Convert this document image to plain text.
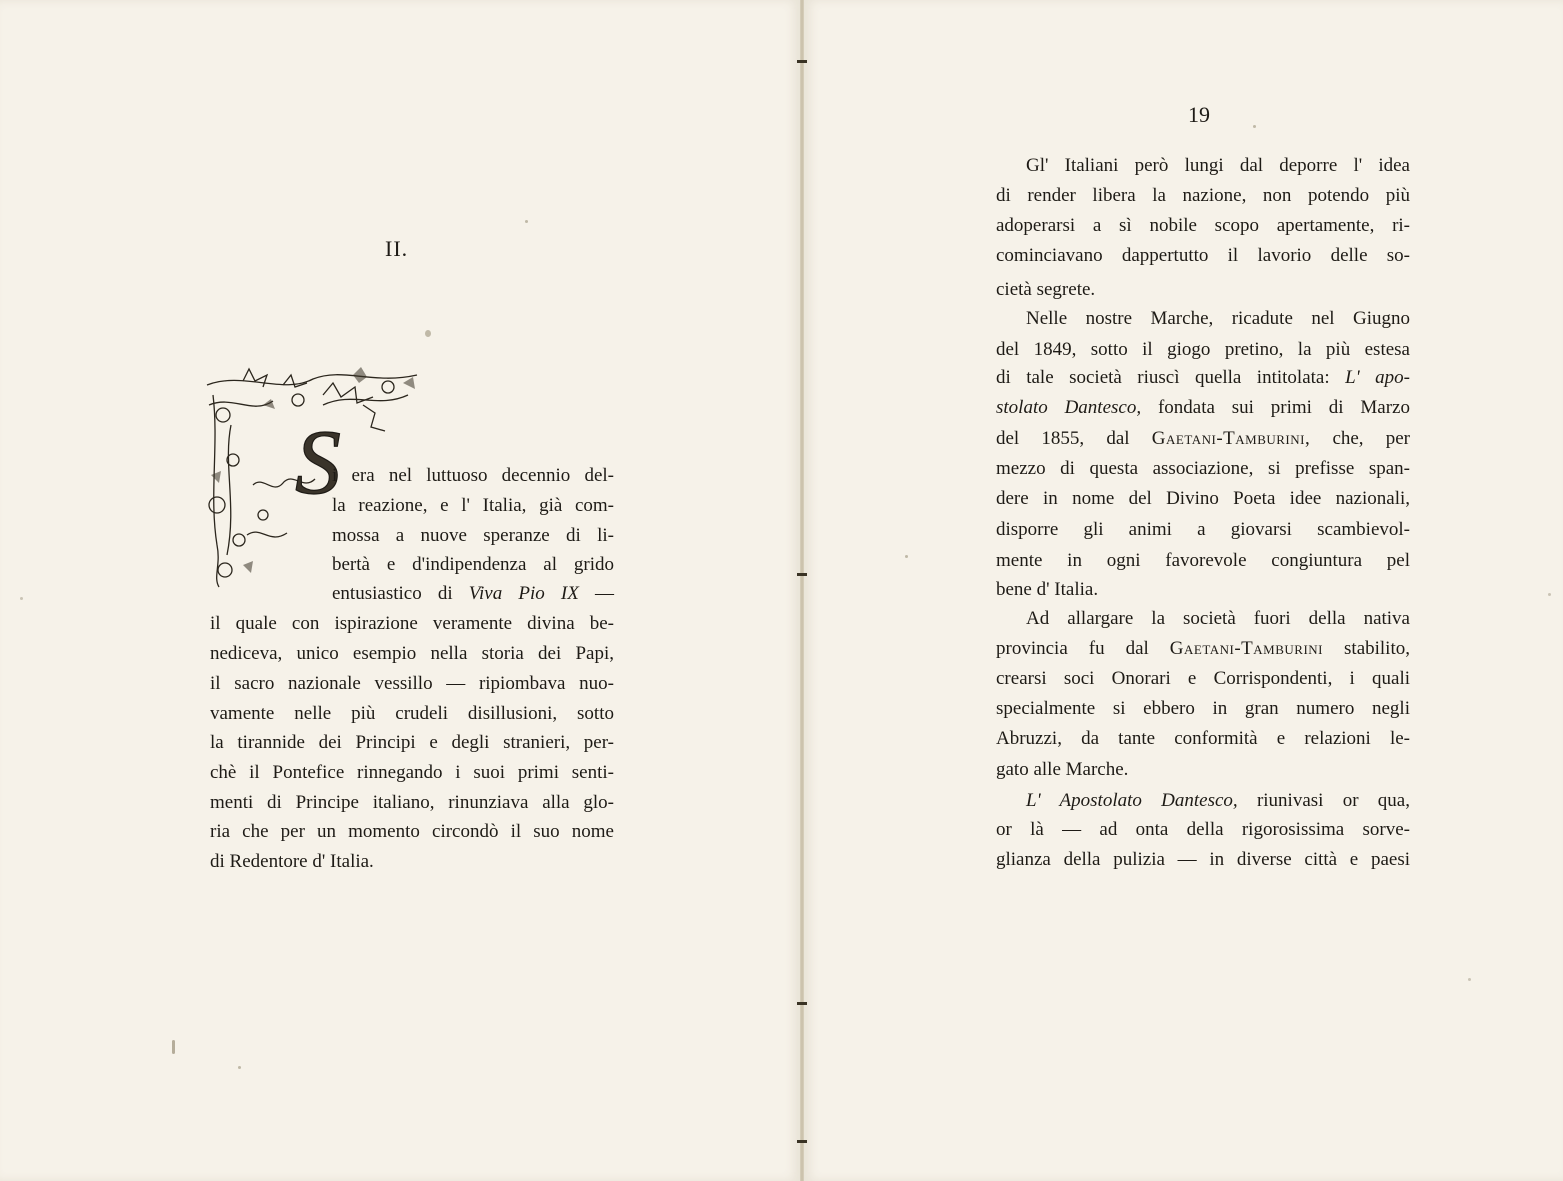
II.
S

i era nel luttuoso decennio del-

la reazione, e l' Italia, già com-

mossa a nuove speranze di li-

bertà e d'indipendenza al grido

entusiastico di Viva Pio IX —

il quale con ispirazione veramente divina be-

nediceva, unico esempio nella storia dei Papi,

il sacro nazionale vessillo — ripiombava nuo-

vamente nelle più crudeli disillusioni, sotto

la tirannide dei Principi e degli stranieri, per-

chè il Pontefice rinnegando i suoi primi senti-

menti di Principe italiano, rinunziava alla glo-

ria che per un momento circondò il suo nome

di Redentore d' Italia.

19

Gl' Italiani però lungi dal deporre l' idea

di render libera la nazione, non potendo più

adoperarsi a sì nobile scopo apertamente, ri-

cominciavano dappertutto il lavorio delle so-

cietà segrete.

Nelle nostre Marche, ricadute nel Giugno

del 1849, sotto il giogo pretino, la più estesa

di tale società riuscì quella intitolata: L' apo-

stolato Dantesco, fondata sui primi di Marzo

del 1855, dal Gaetani-Tamburini, che, per

mezzo di questa associazione, si prefisse span-

dere in nome del Divino Poeta idee nazionali,

disporre gli animi a giovarsi scambievol-

mente in ogni favorevole congiuntura pel

bene d' Italia.

Ad allargare la società fuori della nativa

provincia fu dal Gaetani-Tamburini stabilito,

crearsi soci Onorari e Corrispondenti, i quali

specialmente si ebbero in gran numero negli

Abruzzi, da tante conformità e relazioni le-

gato alle Marche.

L' Apostolato Dantesco, riunivasi or qua,

or là — ad onta della rigorosissima sorve-

glianza della pulizia — in diverse città e paesi
